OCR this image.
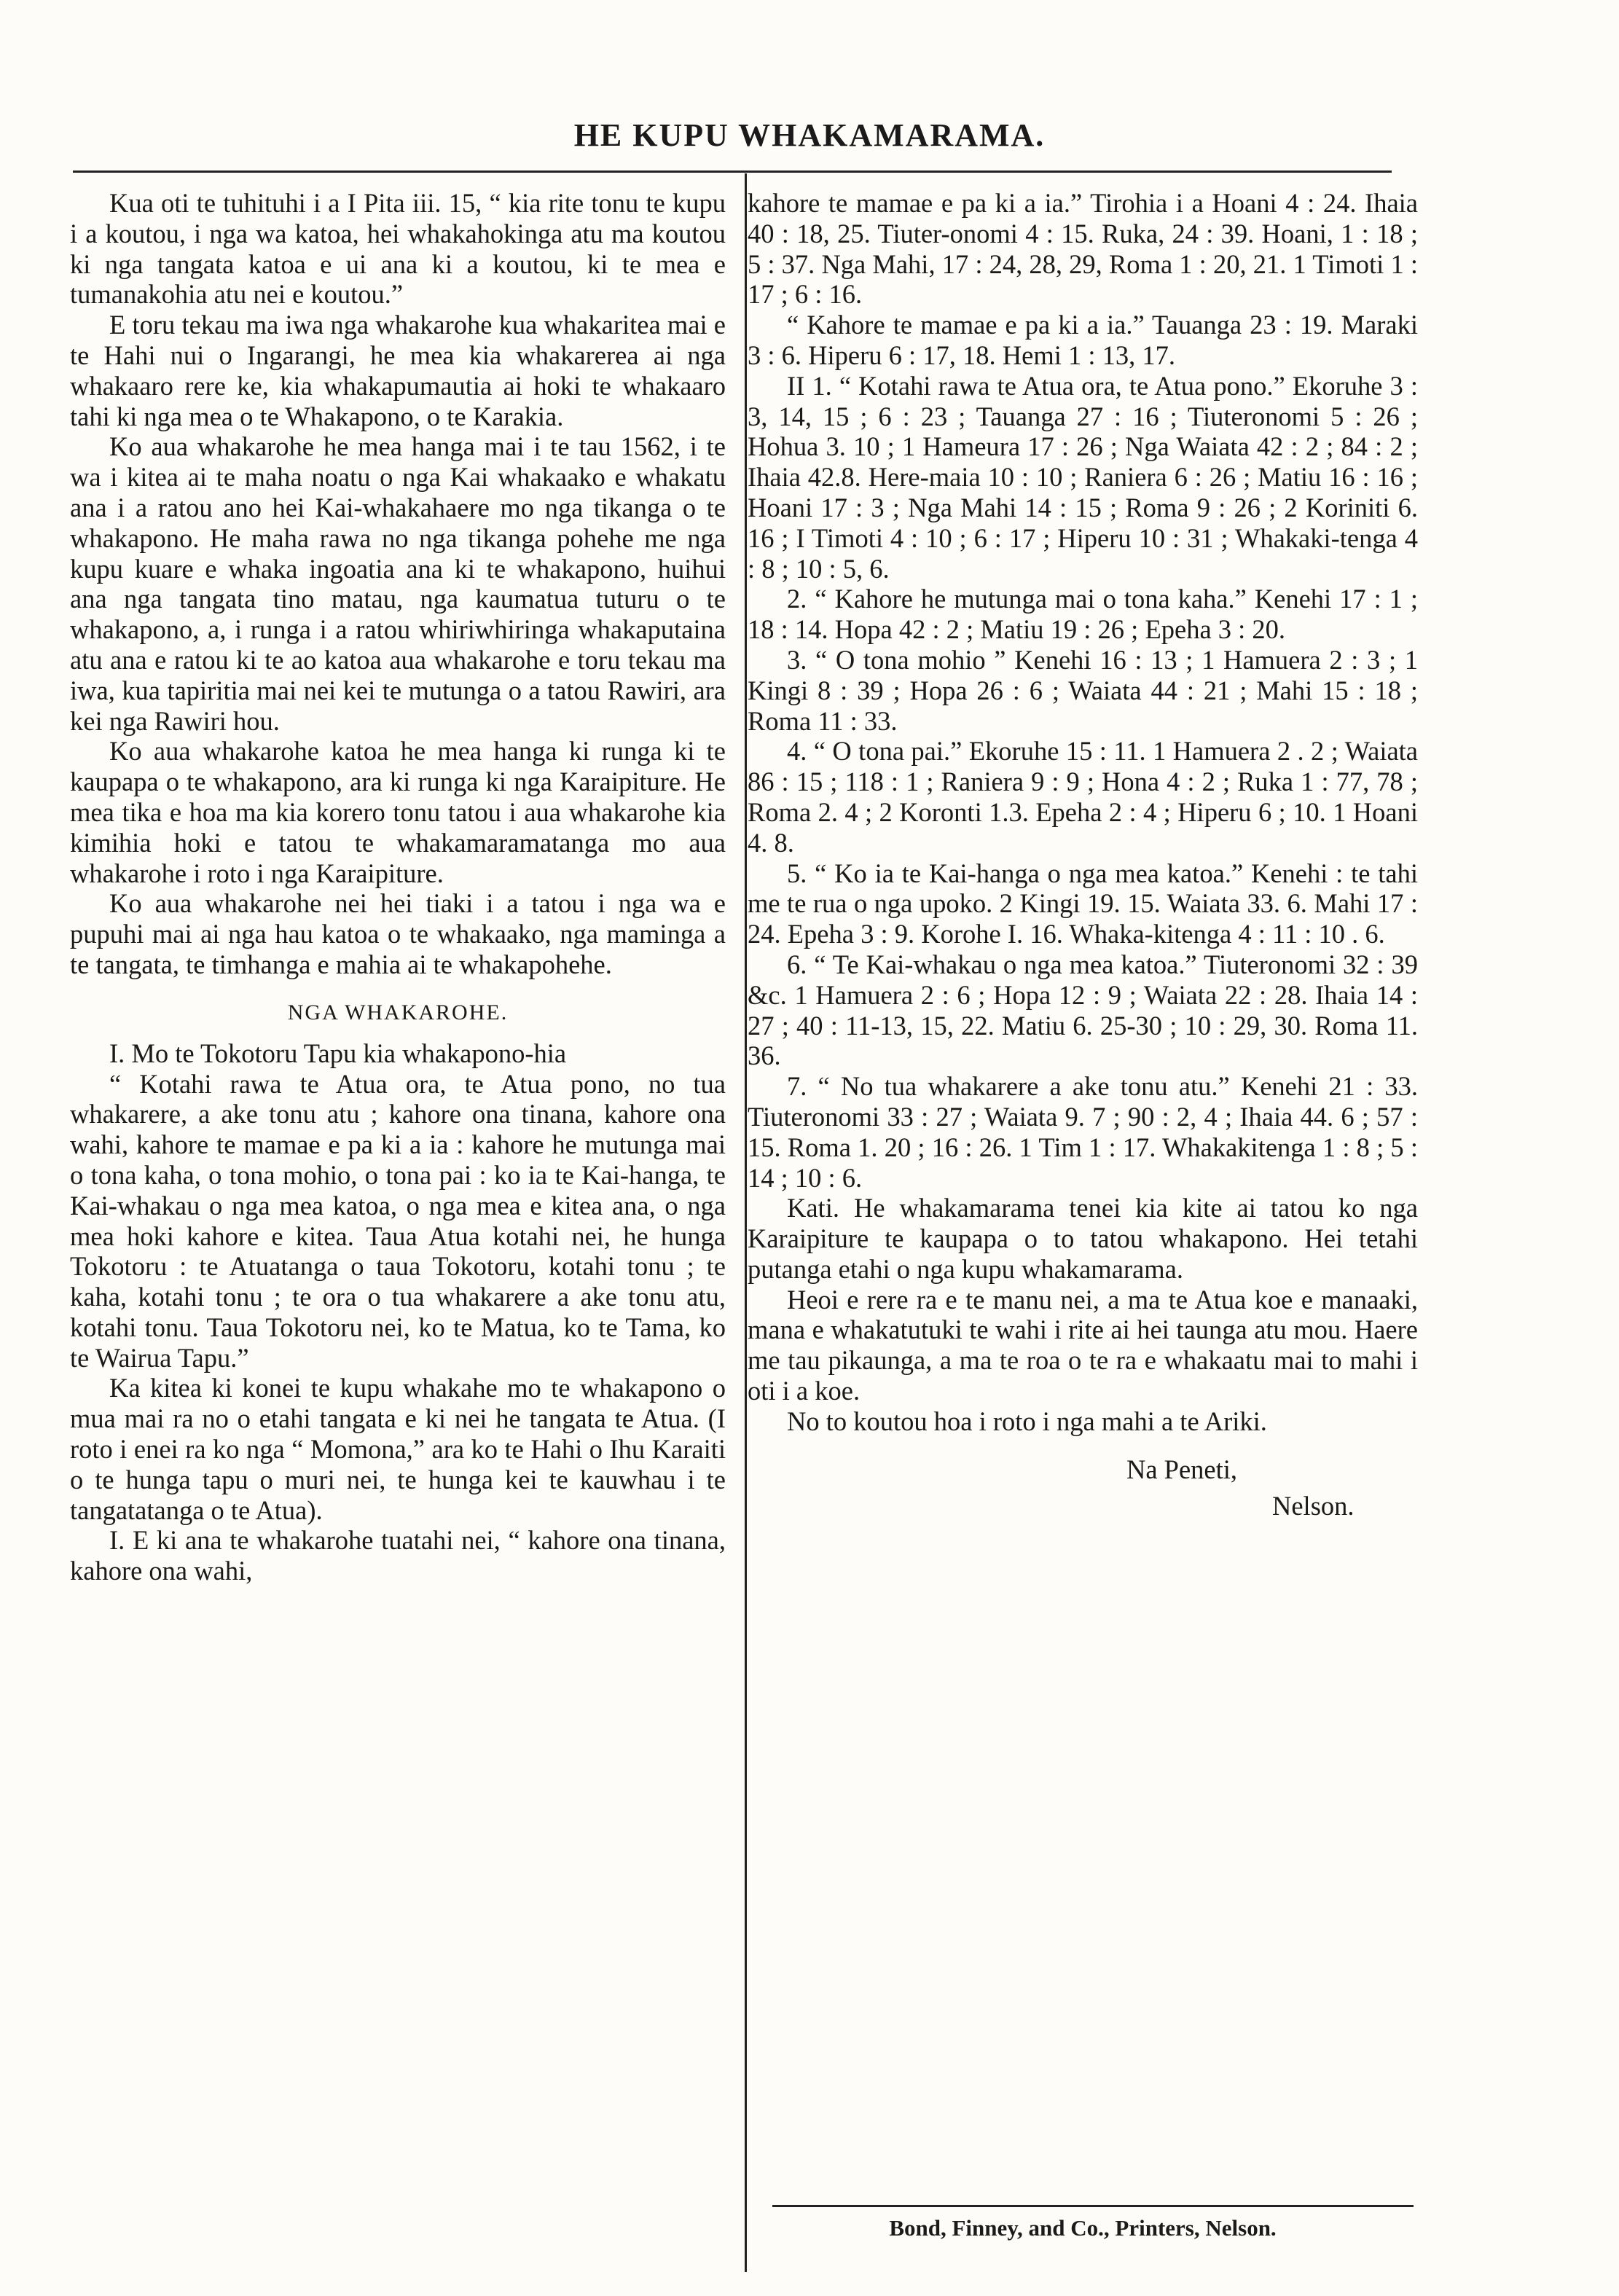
HE KUPU WHAKAMARAMA.

Kua oti te tuhituhi i a I Pita iii. 15, “ kia rite tonu te kupu i a koutou, i nga wa katoa, hei whakahokinga atu ma koutou ki nga tangata katoa e ui ana ki a koutou, ki te mea e tumanakohia atu nei e koutou.”

E toru tekau ma iwa nga whakarohe kua whakaritea mai e te Hahi nui o Ingarangi, he mea kia whakarerea ai nga whakaaro rere ke, kia whakapumautia ai hoki te whakaaro tahi ki nga mea o te Whakapono, o te Karakia.

Ko aua whakarohe he mea hanga mai i te tau 1562, i te wa i kitea ai te maha noatu o nga Kai whakaako e whakatu ana i a ratou ano hei Kai-whakahaere mo nga tikanga o te whakapono. He maha rawa no nga tikanga pohehe me nga kupu kuare e whaka ingoatia ana ki te whakapono, huihui ana nga tangata tino matau, nga kaumatua tuturu o te whakapono, a, i runga i a ratou whiriwhiringa whakaputaina atu ana e ratou ki te ao katoa aua whakarohe e toru tekau ma iwa, kua tapiritia mai nei kei te mutunga o a tatou Rawiri, ara kei nga Rawiri hou.

Ko aua whakarohe katoa he mea hanga ki runga ki te kaupapa o te whakapono, ara ki runga ki nga Karaipiture. He mea tika e hoa ma kia korero tonu tatou i aua whakarohe kia kimihia hoki e tatou te whakamaramatanga mo aua whakarohe i roto i nga Karaipiture.

Ko aua whakarohe nei hei tiaki i a tatou i nga wa e pupuhi mai ai nga hau katoa o te whakaako, nga maminga a te tangata, te timhanga e mahia ai te whakapohehe.

NGA WHAKAROHE.

I. Mo te Tokotoru Tapu kia whakapono-hia

“ Kotahi rawa te Atua ora, te Atua pono, no tua whakarere, a ake tonu atu ; kahore ona tinana, kahore ona wahi, kahore te mamae e pa ki a ia : kahore he mutunga mai o tona kaha, o tona mohio, o tona pai : ko ia te Kai-hanga, te Kai-whakau o nga mea katoa, o nga mea e kitea ana, o nga mea hoki kahore e kitea. Taua Atua kotahi nei, he hunga Tokotoru : te Atuatanga o taua Tokotoru, kotahi tonu ; te kaha, kotahi tonu ; te ora o tua whakarere a ake tonu atu, kotahi tonu. Taua Tokotoru nei, ko te Matua, ko te Tama, ko te Wairua Tapu.”

Ka kitea ki konei te kupu whakahe mo te whakapono o mua mai ra no o etahi tangata e ki nei he tangata te Atua. (I roto i enei ra ko nga “ Momona,” ara ko te Hahi o Ihu Karaiti o te hunga tapu o muri nei, te hunga kei te kauwhau i te tangatatanga o te Atua).

I. E ki ana te whakarohe tuatahi nei, “ kahore ona tinana, kahore ona wahi,

kahore te mamae e pa ki a ia.” Tirohia i a Hoani 4 : 24. Ihaia 40 : 18, 25. Tiuter-onomi 4 : 15. Ruka, 24 : 39. Hoani, 1 : 18 ; 5 : 37. Nga Mahi, 17 : 24, 28, 29, Roma 1 : 20, 21. 1 Timoti 1 : 17 ; 6 : 16.

“ Kahore te mamae e pa ki a ia.” Tauanga 23 : 19. Maraki 3 : 6. Hiperu 6 : 17, 18. Hemi 1 : 13, 17.

II 1. “ Kotahi rawa te Atua ora, te Atua pono.” Ekoruhe 3 : 3, 14, 15 ; 6 : 23 ; Tauanga 27 : 16 ; Tiuteronomi 5 : 26 ; Hohua 3. 10 ; 1 Hameura 17 : 26 ; Nga Waiata 42 : 2 ; 84 : 2 ; Ihaia 42.8. Here-maia 10 : 10 ; Raniera 6 : 26 ; Matiu 16 : 16 ; Hoani 17 : 3 ; Nga Mahi 14 : 15 ; Roma 9 : 26 ; 2 Koriniti 6. 16 ; I Timoti 4 : 10 ; 6 : 17 ; Hiperu 10 : 31 ; Whakaki-tenga 4 : 8 ; 10 : 5, 6.

2. “ Kahore he mutunga mai o tona kaha.” Kenehi 17 : 1 ; 18 : 14. Hopa 42 : 2 ; Matiu 19 : 26 ; Epeha 3 : 20.

3. “ O tona mohio ” Kenehi 16 : 13 ; 1 Hamuera 2 : 3 ; 1 Kingi 8 : 39 ; Hopa 26 : 6 ; Waiata 44 : 21 ; Mahi 15 : 18 ; Roma 11 : 33.

4. “ O tona pai.” Ekoruhe 15 : 11. 1 Hamuera 2 . 2 ; Waiata 86 : 15 ; 118 : 1 ; Raniera 9 : 9 ; Hona 4 : 2 ; Ruka 1 : 77, 78 ; Roma 2. 4 ; 2 Koronti 1.3. Epeha 2 : 4 ; Hiperu 6 ; 10. 1 Hoani 4. 8.

5. “ Ko ia te Kai-hanga o nga mea katoa.” Kenehi : te tahi me te rua o nga upoko. 2 Kingi 19. 15. Waiata 33. 6. Mahi 17 : 24. Epeha 3 : 9. Korohe I. 16. Whaka-kitenga 4 : 11 : 10 . 6.

6. “ Te Kai-whakau o nga mea katoa.” Tiuteronomi 32 : 39 &c. 1 Hamuera 2 : 6 ; Hopa 12 : 9 ; Waiata 22 : 28. Ihaia 14 : 27 ; 40 : 11-13, 15, 22. Matiu 6. 25-30 ; 10 : 29, 30. Roma 11. 36.

7. “ No tua whakarere a ake tonu atu.” Kenehi 21 : 33. Tiuteronomi 33 : 27 ; Waiata 9. 7 ; 90 : 2, 4 ; Ihaia 44. 6 ; 57 : 15. Roma 1. 20 ; 16 : 26. 1 Tim 1 : 17. Whakakitenga 1 : 8 ; 5 : 14 ; 10 : 6.

Kati. He whakamarama tenei kia kite ai tatou ko nga Karaipiture te kaupapa o to tatou whakapono. Hei tetahi putanga etahi o nga kupu whakamarama.

Heoi e rere ra e te manu nei, a ma te Atua koe e manaaki, mana e whakatutuki te wahi i rite ai hei taunga atu mou. Haere me tau pikaunga, a ma te roa o te ra e whakaatu mai to mahi i oti i a koe.

No to koutou hoa i roto i nga mahi a te Ariki.

Na Peneti,
Nelson.
Bond, Finney, and Co., Printers, Nelson.
